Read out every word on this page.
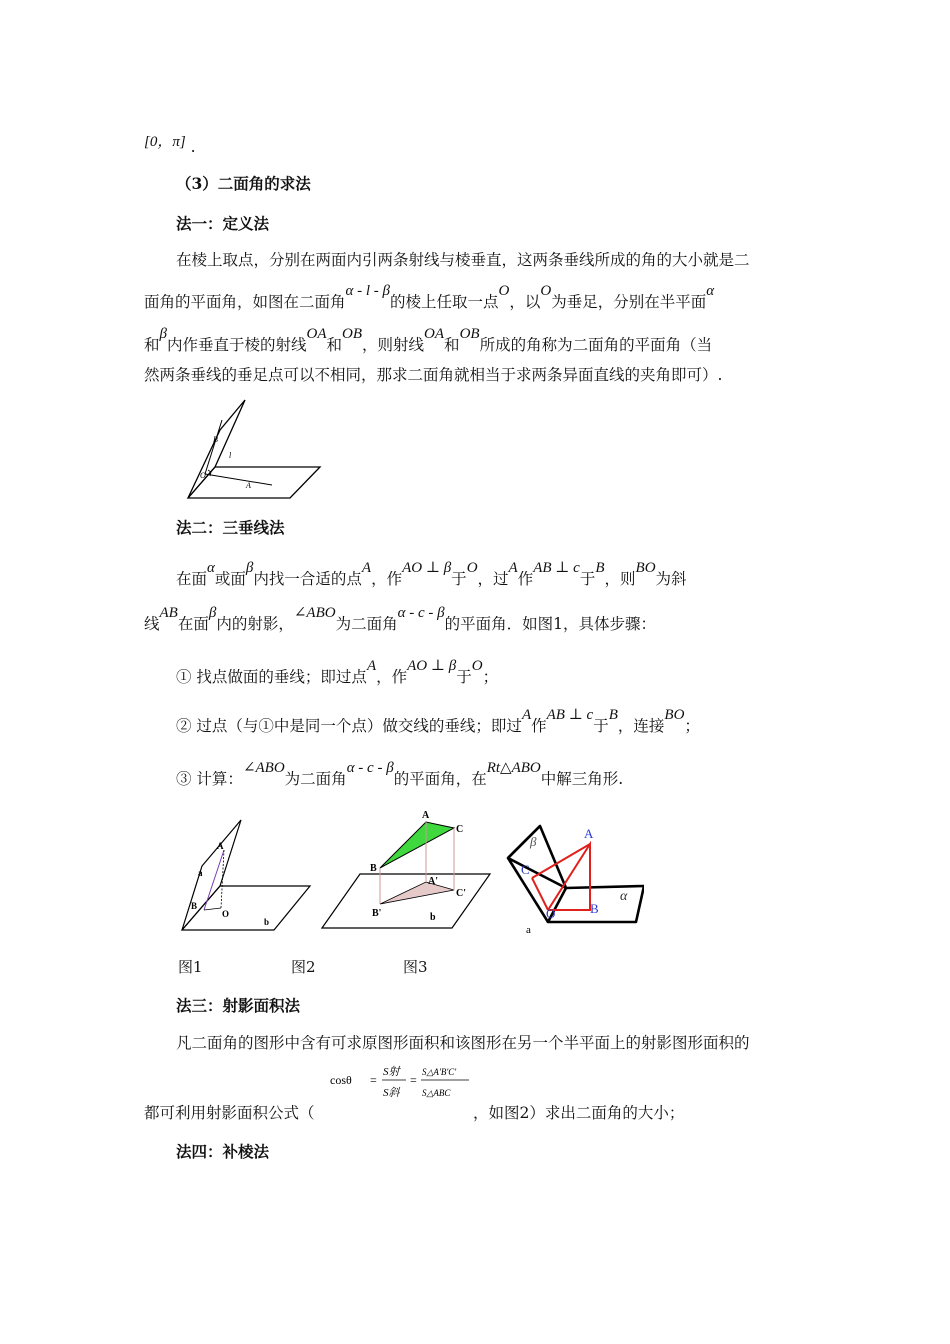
[0，π] .
（3）二面角的求法
法一：定义法
在棱上取点，分别在两面内引两条射线与棱垂直，这两条垂线所成的角的大小就是二
面角的平面角，如图在二面角α - l - β的棱上任取一点O，以O为垂足，分别在半平面α
和β内作垂直于棱的射线OA和OB，则射线OA和OB所成的角称为二面角的平面角（当
然两条垂线的垂足点可以不相同，那求二面角就相当于求两条异面直线的夹角即可）.
B
l
O
A
法二：三垂线法
在面α或面β内找一合适的点A，作AO ⊥ β于O，过A作AB ⊥ c于B，则BO为斜
线AB在面β内的射影，∠ABO为二面角α - c - β的平面角．如图1，具体步骤：
① 找点做面的垂线；即过点A，作AO ⊥ β于O；
② 过点（与①中是同一个点）做交线的垂线；即过A作AB ⊥ c于B，连接BO；
③ 计算：∠ABO为二面角α - c - β的平面角，在Rt△ABO中解三角形.
A
a
B
O
b
A
C
B
A'
C'
B'	b
β
A
C
O	B
α
a
图1	图2	图3
法三：射影面积法
凡二面角的图形中含有可求原图形面积和该图形在另一个半平面上的射影图形面积的
cosθ =
S射
S斜
=
S△A'B'C'
S△ABC
都可利用射影面积公式（	，如图2）求出二面角的大小；
法四：补棱法
